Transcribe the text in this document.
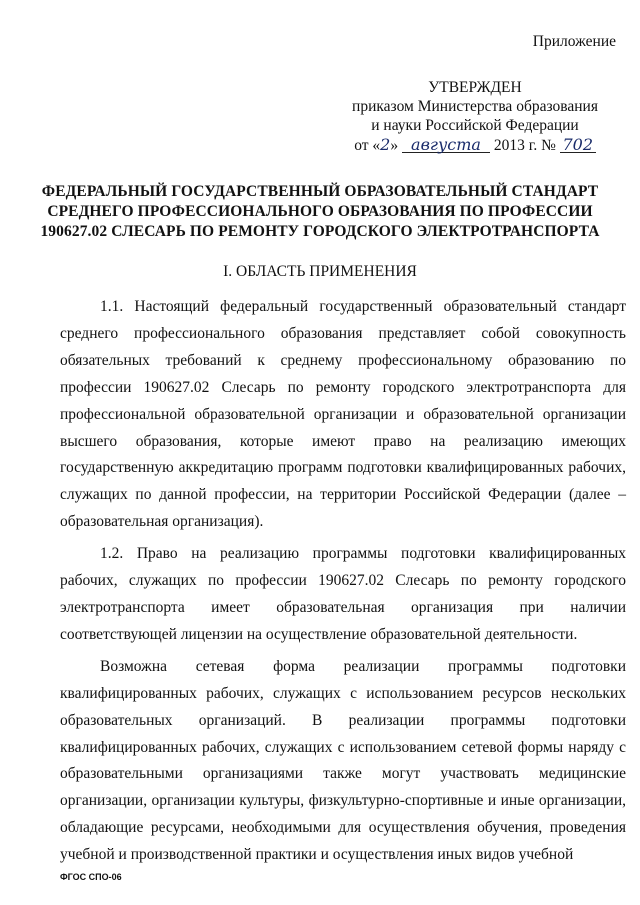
Приложение

УТВЕРЖДЕН
приказом Министерства образования
и науки Российской Федерации
от «2» августа 2013 г. № 702
ФЕДЕРАЛЬНЫЙ ГОСУДАРСТВЕННЫЙ ОБРАЗОВАТЕЛЬНЫЙ СТАНДАРТ
СРЕДНЕГО ПРОФЕССИОНАЛЬНОГО ОБРАЗОВАНИЯ ПО ПРОФЕССИИ
190627.02 СЛЕСАРЬ ПО РЕМОНТУ ГОРОДСКОГО ЭЛЕКТРОТРАНСПОРТА
I. ОБЛАСТЬ ПРИМЕНЕНИЯ

1.1. Настоящий федеральный государственный образовательный стандарт среднего профессионального образования представляет собой совокупность обязательных требований к среднему профессиональному образованию по профессии 190627.02 Слесарь по ремонту городского электротранспорта для профессиональной образовательной организации и образовательной организации высшего образования, которые имеют право на реализацию имеющих государственную аккредитацию программ подготовки квалифицированных рабочих, служащих по данной профессии, на территории Российской Федерации (далее – образовательная организация).

1.2. Право на реализацию программы подготовки квалифицированных рабочих, служащих по профессии 190627.02 Слесарь по ремонту городского электротранспорта имеет образовательная организация при наличии соответствующей лицензии на осуществление образовательной деятельности.

Возможна сетевая форма реализации программы подготовки квалифицированных рабочих, служащих с использованием ресурсов нескольких образовательных организаций. В реализации программы подготовки квалифицированных рабочих, служащих с использованием сетевой формы наряду с образовательными организациями также могут участвовать медицинские организации, организации культуры, физкультурно-спортивные и иные организации, обладающие ресурсами, необходимыми для осуществления обучения, проведения учебной и производственной практики и осуществления иных видов учебной

ФГОС СПО-06
